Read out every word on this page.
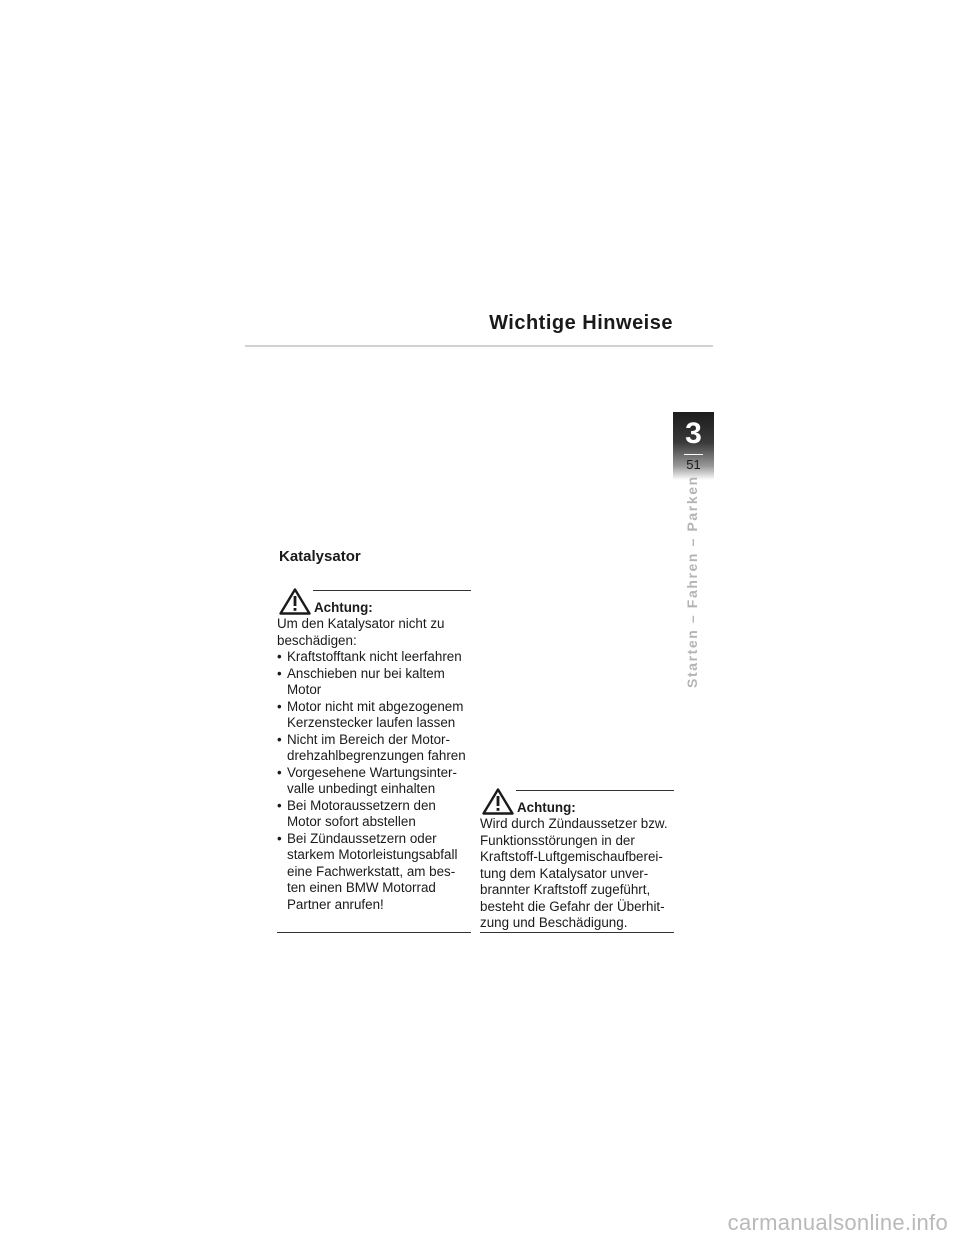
Wichtige Hinweise
3
51
Starten – Fahren – Parken
Katalysator
Achtung:

Um den Katalysator nicht zu beschädigen:

• Kraftstofftank nicht leerfahren
• Anschieben nur bei kaltem Motor
• Motor nicht mit abgezogenem Kerzenstecker laufen lassen
• Nicht im Bereich der Motor-drehzahlbegrenzungen fahren
• Vorgesehene Wartungsinter-valle unbedingt einhalten
• Bei Motoraussetzern den Motor sofort abstellen
• Bei Zündaussetzern oder starkem Motorleistungsabfall eine Fachwerkstatt, am bes-ten einen BMW Motorrad Partner anrufen!
Achtung:

Wird durch Zündaussetzer bzw. Funktionsstörungen in der Kraftstoff-Luftgemischaufberei-tung dem Katalysator unver-brannter Kraftstoff zugeführt, besteht die Gefahr der Überhit-zung und Beschädigung.

carmanualsonline.info
